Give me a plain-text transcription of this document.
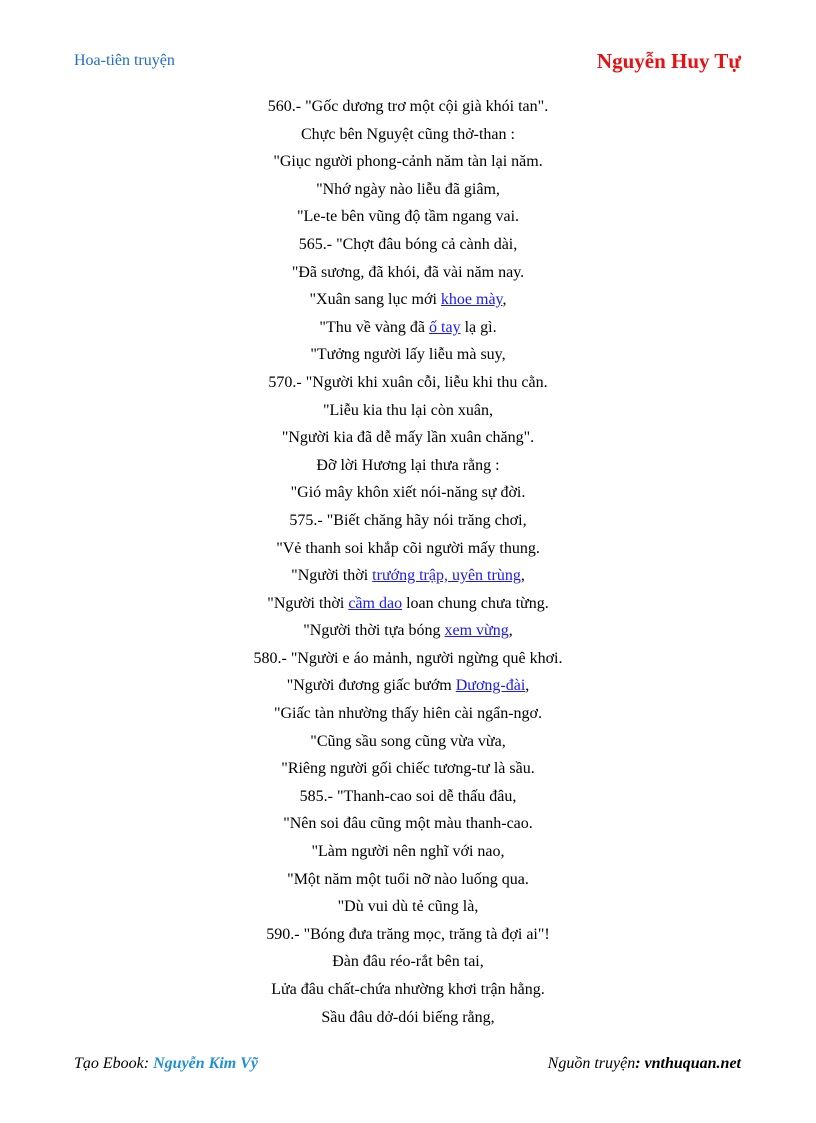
Hoa-tiên truyện	Nguyễn Huy Tự
560.- "Gốc dương trơ một cội già khói tan".
Chực bên Nguyệt cũng thở-than :
"Giục người phong-cảnh năm tàn lại năm.
"Nhớ ngày nào liễu đã giâm,
"Le-te bên vũng độ tầm ngang vai.
565.- "Chợt đâu bóng cả cành dài,
"Đã sương, đã khói, đã vài năm nay.
"Xuân sang lục mới khoe mày,
"Thu về vàng đã ố tay lạ gì.
"Tưởng người lấy liễu mà suy,
570.- "Người khi xuân cỗi, liễu khi thu cằn.
"Liễu kia thu lại còn xuân,
"Người kia đã dễ mấy lần xuân chăng".
Đỡ lời Hương lại thưa rằng :
"Gió mây khôn xiết nói-năng sự đời.
575.- "Biết chăng hãy nói trăng chơi,
"Vẻ thanh soi khắp cõi người mấy thung.
"Người thời trướng trập, uyên trùng,
"Người thời cầm dao loan chung chưa từng.
"Người thời tựa bóng xem vừng,
580.- "Người e áo mảnh, người ngừng quê khơi.
"Người đương giấc bướm Dương-đài,
"Giấc tàn nhường thấy hiên cài ngẩn-ngơ.
"Cũng sầu song cũng vừa vừa,
"Riêng người gối chiếc tương-tư là sầu.
585.- "Thanh-cao soi dễ thấu đâu,
"Nên soi đâu cũng một màu thanh-cao.
"Làm người nên nghĩ với nao,
"Một năm một tuổi nỡ nào luống qua.
"Dù vui dù tẻ cũng là,
590.- "Bóng đưa trăng mọc, trăng tà đợi ai"!
Đàn đâu réo-rắt bên tai,
Lửa đâu chất-chứa nhường khơi trận hằng.
Sầu đâu dở-dói biếng rằng,
Tạo Ebook: Nguyễn Kim Vỹ	Nguồn truyện: vnthuquan.net
